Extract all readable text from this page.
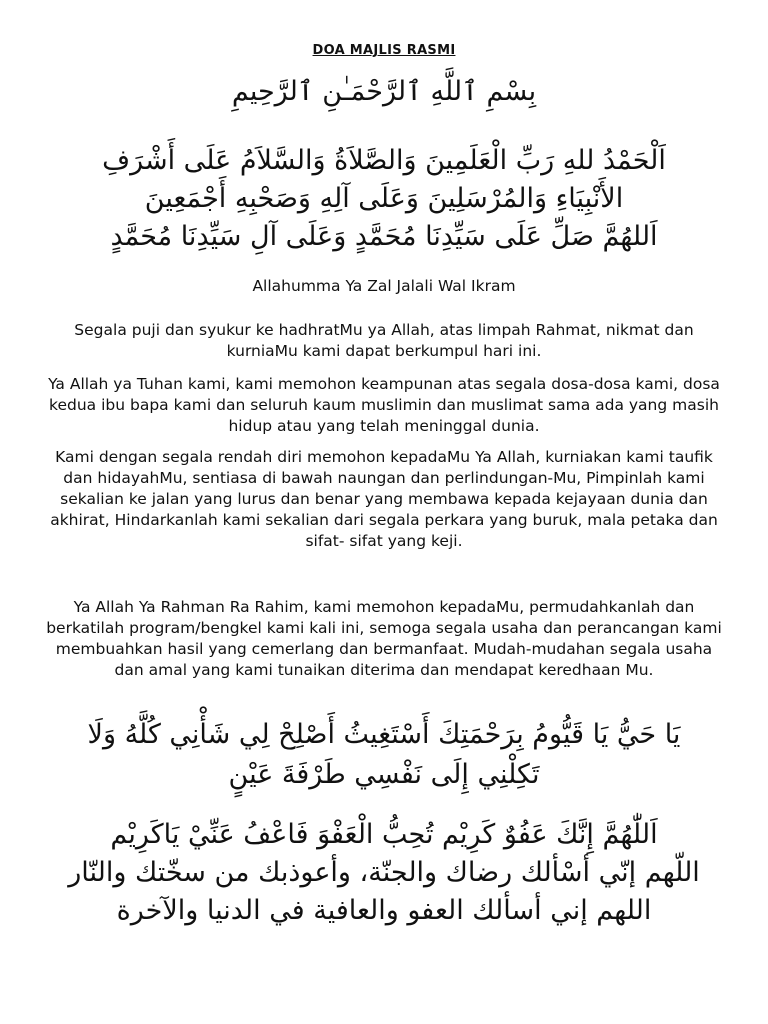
DOA MAJLIS RASMI
بِسْمِ ٱللَّهِ ٱلرَّحْمَـٰنِ ٱلرَّحِيمِ
اَلْحَمْدُ للهِ رَبِّ الْعَلَمِينَ وَالصَّلاَةُ وَالسَّلاَمُ عَلَى أَشْرَفِ
الأَنْبِيَاءِ وَالمُرْسَلِينَ وَعَلَى آلِهِ وَصَحْبِهِ أَجْمَعِينَ
اَللهُمَّ صَلِّ عَلَى سَيِّدِنَا مُحَمَّدٍ وَعَلَى آلِ سَيِّدِنَا مُحَمَّدٍ
Allahumma Ya Zal Jalali Wal Ikram
Segala puji dan syukur ke hadhratMu ya Allah, atas limpah Rahmat, nikmat dan kurniaMu kami dapat berkumpul hari ini.
Ya Allah ya Tuhan kami, kami memohon keampunan atas segala dosa-dosa kami, dosa kedua ibu bapa kami dan seluruh kaum muslimin dan muslimat sama ada yang masih hidup atau yang telah meninggal dunia.
Kami dengan segala rendah diri memohon kepadaMu Ya Allah, kurniakan kami taufik dan hidayahMu, sentiasa di bawah naungan dan perlindungan-Mu, Pimpinlah kami sekalian ke jalan yang lurus dan benar yang membawa kepada kejayaan dunia dan akhirat, Hindarkanlah kami sekalian dari segala perkara yang buruk, mala petaka dan sifat- sifat yang keji.
Ya Allah Ya Rahman Ra Rahim, kami memohon kepadaMu, permudahkanlah dan berkatilah program/bengkel kami kali ini, semoga segala usaha dan perancangan kami membuahkan hasil yang cemerlang dan bermanfaat. Mudah-mudahan segala usaha dan amal yang kami tunaikan diterima dan mendapat keredhaan Mu.
يَا حَيُّ يَا قَيُّومُ بِرَحْمَتِكَ أَسْتَغِيثُ أَصْلِحْ لِي شَأْنِي كُلَّهُ وَلَا
تَكِلْنِي إِلَى نَفْسِي طَرْفَةَ عَيْنٍ
اَللّٰهُمَّ إِنَّكَ عَفُوٌ كَرِيْم تُحِبُّ الْعَفْوَ فَاعْفُ عَنِّيْ يَاكَرِيْم
اللّهم إنّي أسْألك رضاك والجنّة، وأعوذبك من سخّتك والنّار
اللهم إني أسألك العفو والعافية في الدنيا والآخرة
